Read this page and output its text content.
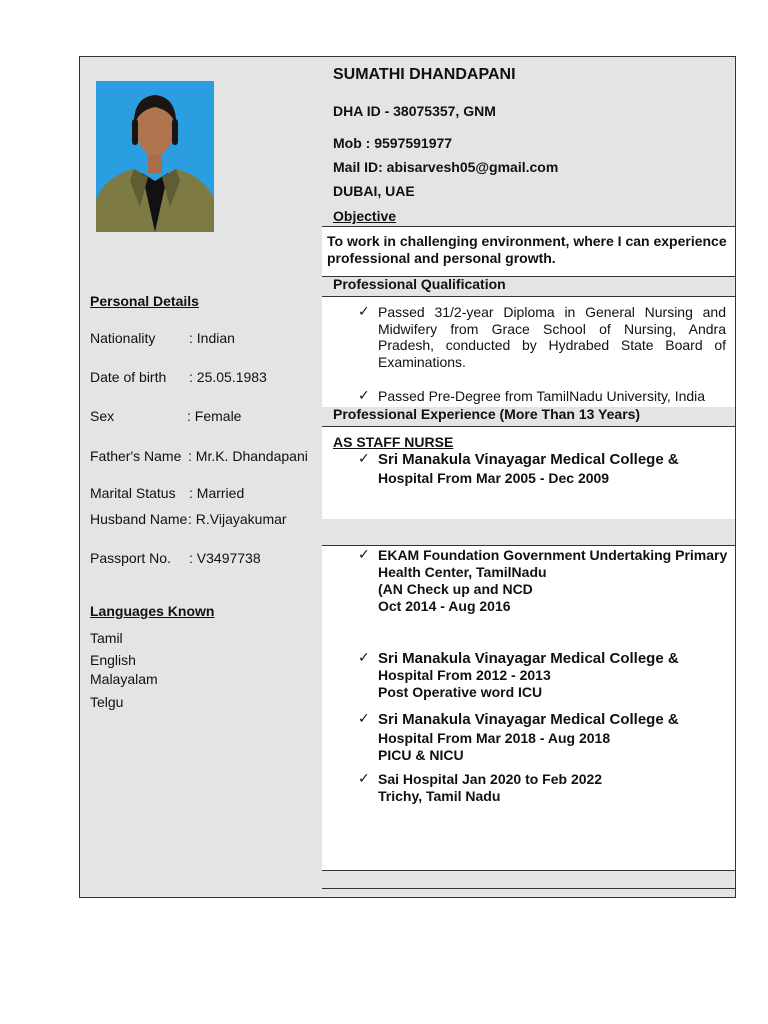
SUMATHI DHANDAPANI
DHA ID - 38075357, GNM
Mob : 9597591977
Mail ID: abisarvesh05@gmail.com
DUBAI, UAE
Objective
To work in challenging environment, where I can experience
professional and personal growth.
Professional Qualification
✓ Passed 31/2-year Diploma in General Nursing and
Midwifery from Grace School of Nursing, Andra
Pradesh, conducted by Hydrabed State Board of
Examinations.
✓ Passed Pre-Degree from TamilNadu University, India
Professional Experience (More Than 13 Years)
AS STAFF NURSE
✓ Sri Manakula Vinayagar Medical College &
Hospital From Mar 2005 - Dec 2009
✓ EKAM Foundation Government Undertaking Primary
Health Center, TamilNadu
(AN Check up and NCD
Oct 2014 - Aug 2016
✓ Sri Manakula Vinayagar Medical College &
Hospital From 2012 - 2013
Post Operative word ICU
✓ Sri Manakula Vinayagar Medical College &
Hospital From Mar 2018 - Aug 2018
PICU & NICU
✓ Sai Hospital Jan 2020 to Feb 2022
Trichy, Tamil Nadu
Personal Details
Nationality : Indian
Date of birth : 25.05.1983
Sex	: Female
Father's Name : Mr.K. Dhandapani
Marital Status : Married
Husband Name : R.Vijayakumar
Passport No. : V3497738
Languages Known
Tamil
English
Malayalam
Telgu
